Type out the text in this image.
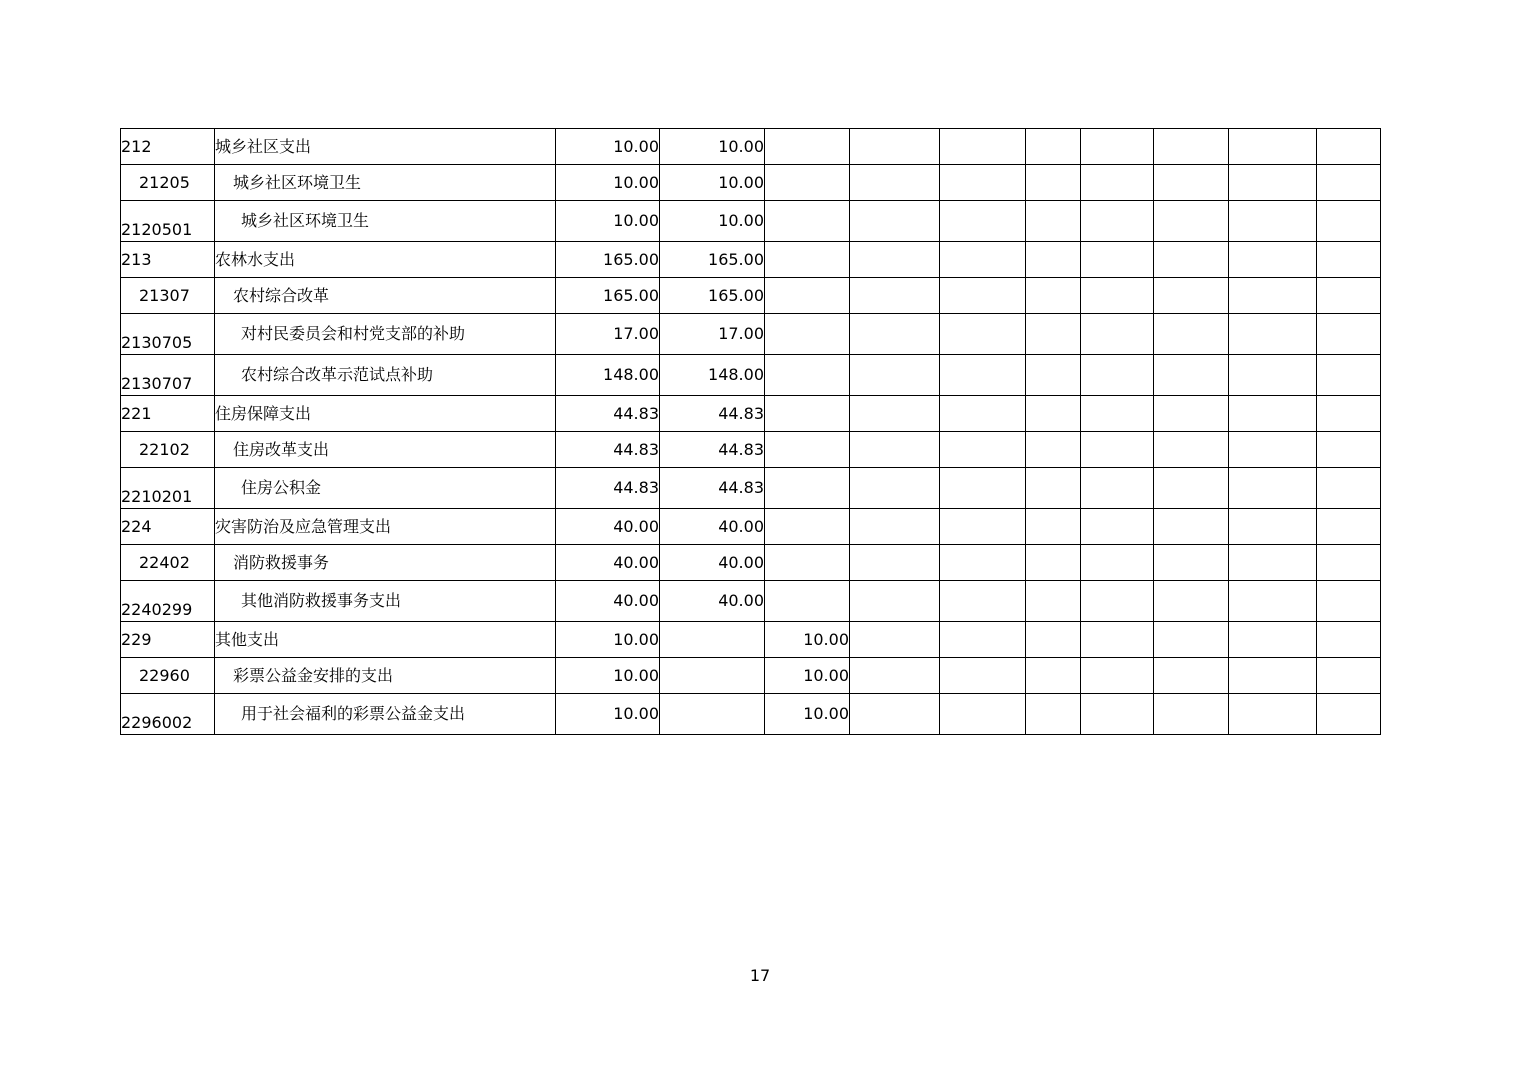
212	城乡社区支出	10.00	10.00								
21205	城乡社区环境卫生	10.00	10.00								
2120501	城乡社区环境卫生	10.00	10.00								
213	农林水支出	165.00	165.00								
21307	农村综合改革	165.00	165.00								
2130705	对村民委员会和村党支部的补助	17.00	17.00								
2130707	农村综合改革示范试点补助	148.00	148.00								
221	住房保障支出	44.83	44.83								
22102	住房改革支出	44.83	44.83								
2210201	住房公积金	44.83	44.83								
224	灾害防治及应急管理支出	40.00	40.00								
22402	消防救援事务	40.00	40.00								
2240299	其他消防救援事务支出	40.00	40.00								
229	其他支出	10.00		10.00							
22960	彩票公益金安排的支出	10.00		10.00							
2296002	用于社会福利的彩票公益金支出	10.00		10.00							
17
